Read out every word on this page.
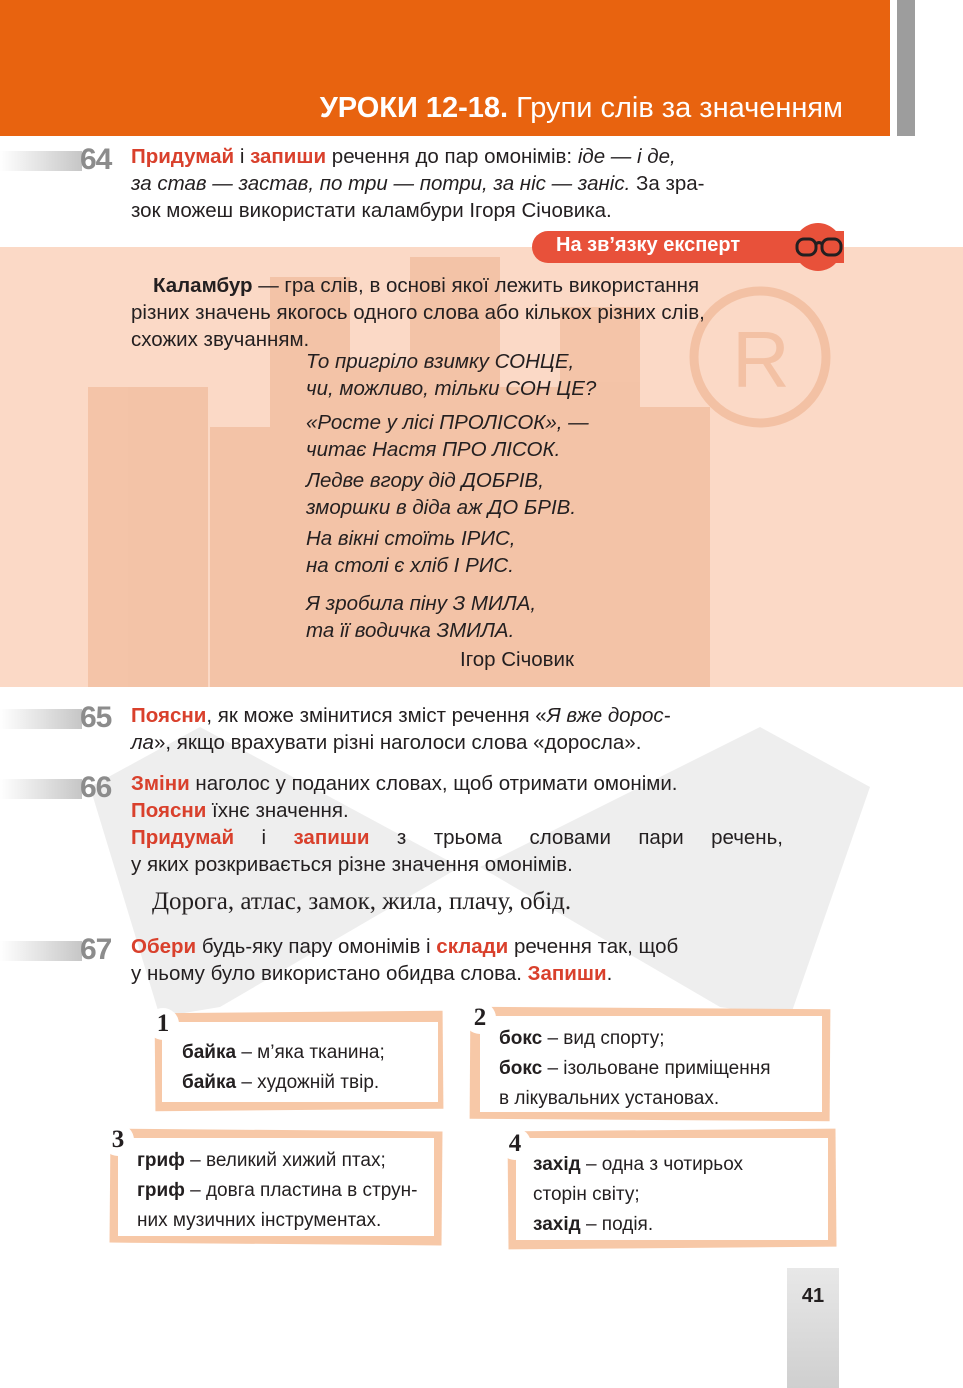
УРОКИ 12-18. Групи слів за значенням
64 Придумай і запиши речення до пар омонімів: іде — і де,
за став — застав, по три — потри, за ніс — заніс. За зра-
зок можеш використати каламбури Ігоря Січовика.
R
На зв’язку експерт
Каламбур — гра слів, в основі якої лежить використання
різних значень якогось одного слова або кількох різних слів,
схожих звучанням.
То пригріло взимку СОНЦЕ,
чи, можливо, тільки СОН ЦЕ?
«Росте у лісі ПРОЛІСОК», —
читає Настя ПРО ЛІСОК.
Ледве вгору дід ДОБРІВ,
зморшки в діда аж ДО БРІВ.
На вікні стоїть ІРИС,
на столі є хліб І РИС.
Я зробила піну З МИЛА,
та її водичка ЗМИЛА.
Ігор Січовик
65 Поясни, як може змінитися зміст речення «Я вже дорос-
ла», якщо врахувати різні наголоси слова «доросла».
66 Зміни наголос у поданих словах, щоб отримати омоніми.
Поясни їхнє значення.

Придумай і запиши з трьома словами пари речень,
у яких розкривається різне значення омонімів.
Дорога, атлас, замок, жила, плачу, обід.
67 Обери будь-яку пару омонімів і склади речення так, щоб
у ньому було використано обидва слова. Запиши.
1
байка – м’яка тканина;
байка – художній твір.
2
бокс – вид спорту;
бокс – ізольоване приміщення
в лікувальних установах.
3
гриф – великий хижий птах;
гриф – довга пластина в струн-
них музичних інструментах.
4
захід – одна з чотирьох
сторін світу;
захід – подія.
41
